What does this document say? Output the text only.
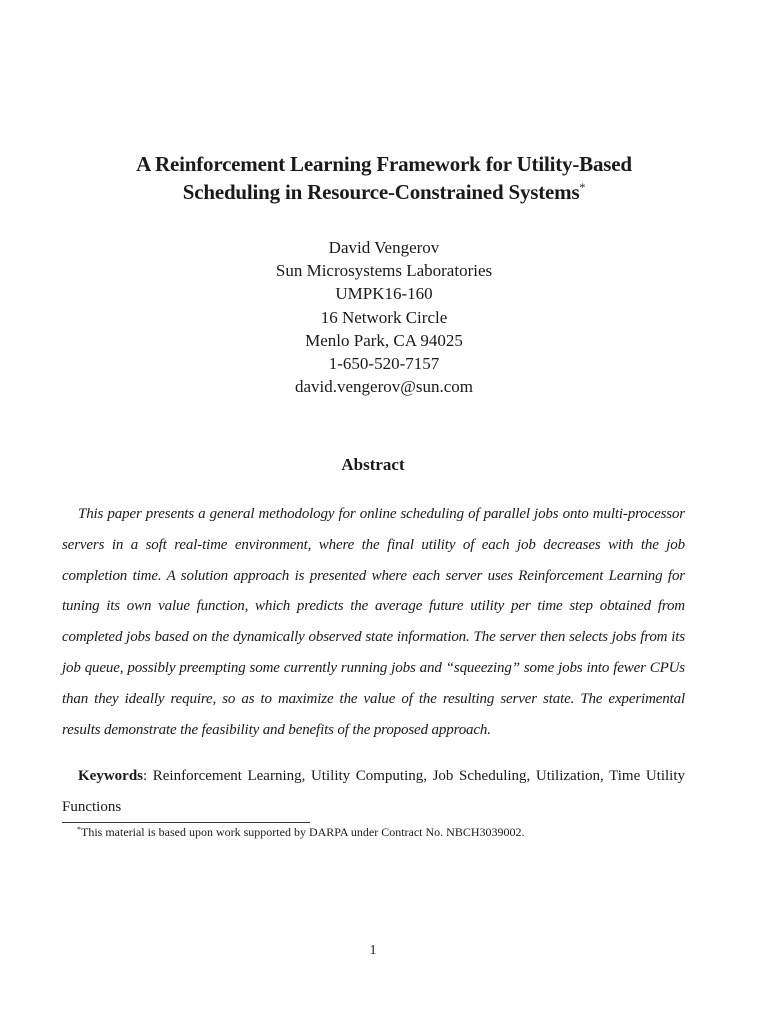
A Reinforcement Learning Framework for Utility-Based
Scheduling in Resource-Constrained Systems*
David Vengerov
Sun Microsystems Laboratories
UMPK16-160
16 Network Circle
Menlo Park, CA 94025
1-650-520-7157
david.vengerov@sun.com
Abstract
This paper presents a general methodology for online scheduling of parallel jobs onto multi-processor servers in a soft real-time environment, where the final utility of each job decreases with the job completion time. A solution approach is presented where each server uses Reinforcement Learning for tuning its own value function, which predicts the average future utility per time step obtained from completed jobs based on the dynamically observed state information. The server then selects jobs from its job queue, possibly preempting some currently running jobs and “squeezing” some jobs into fewer CPUs than they ideally require, so as to maximize the value of the resulting server state. The experimental results demonstrate the feasibility and benefits of the proposed approach.
Keywords: Reinforcement Learning, Utility Computing, Job Scheduling, Utilization, Time Utility Functions
*This material is based upon work supported by DARPA under Contract No. NBCH3039002.
1
